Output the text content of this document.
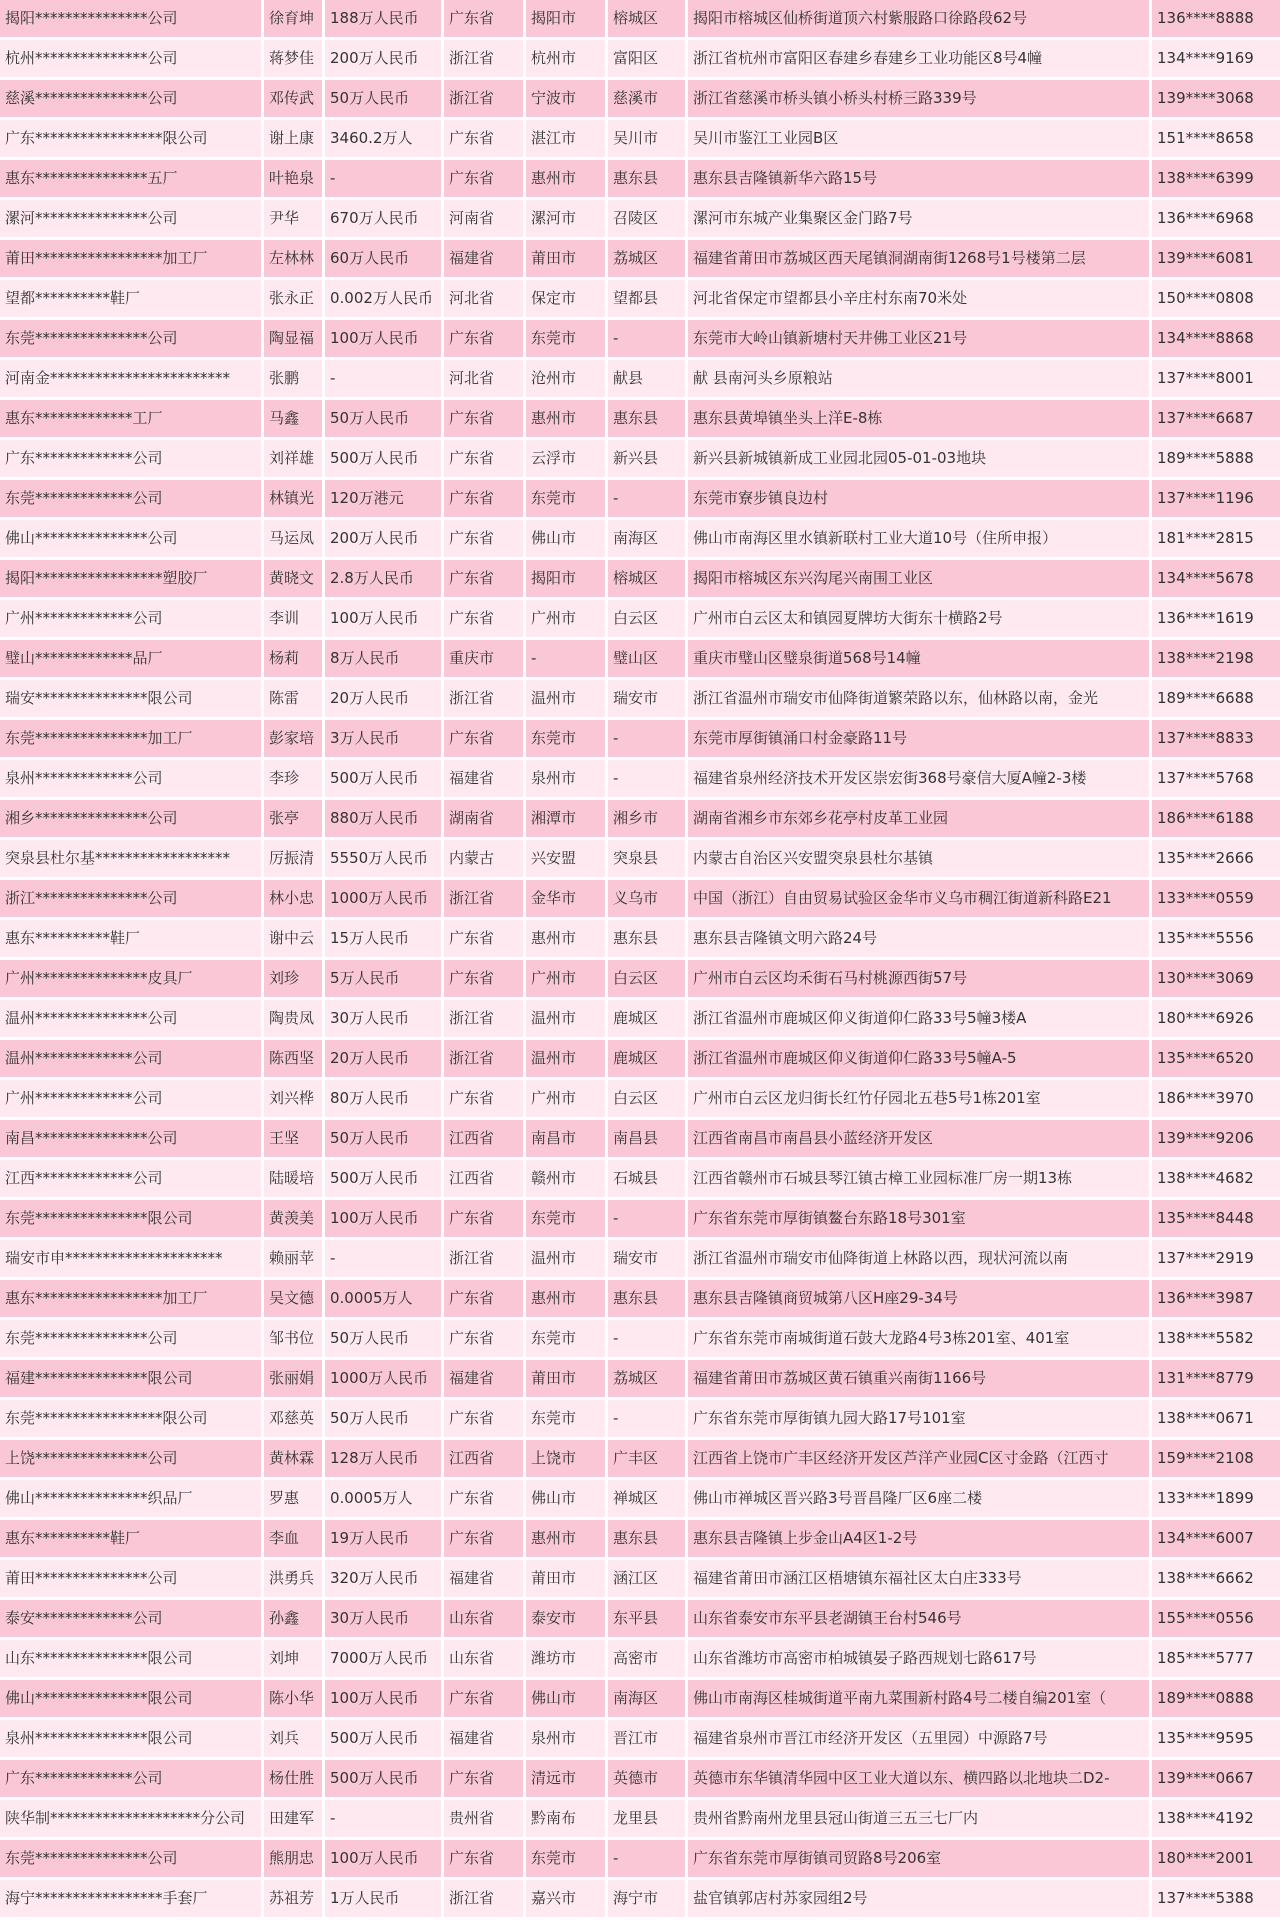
揭阳***************公司	徐育坤	188万人民币	广东省	揭阳市	榕城区	揭阳市榕城区仙桥街道顶六村紫服路口徐路段62号	136****8888
杭州***************公司	蒋梦佳	200万人民币	浙江省	杭州市	富阳区	浙江省杭州市富阳区春建乡春建乡工业功能区8号4幢	134****9169
慈溪***************公司	邓传武	50万人民币	浙江省	宁波市	慈溪市	浙江省慈溪市桥头镇小桥头村桥三路339号	139****3068
广东*****************限公司	谢上康	3460.2万人	广东省	湛江市	吴川市	吴川市鉴江工业园B区	151****8658
惠东***************五厂	叶艳泉	-	广东省	惠州市	惠东县	惠东县吉隆镇新华六路15号	138****6399
漯河***************公司	尹华	670万人民币	河南省	漯河市	召陵区	漯河市东城产业集聚区金门路7号	136****6968
莆田*****************加工厂	左林林	60万人民币	福建省	莆田市	荔城区	福建省莆田市荔城区西天尾镇洞湖南街1268号1号楼第二层	139****6081
望都**********鞋厂	张永正	0.002万人民币	河北省	保定市	望都县	河北省保定市望都县小辛庄村东南70米处	150****0808
东莞***************公司	陶显福	100万人民币	广东省	东莞市	-	东莞市大岭山镇新塘村天井佛工业区21号	134****8868
河南金************************	张鹏	-	河北省	沧州市	献县	献 县南河头乡原粮站	137****8001
惠东*************工厂	马鑫	50万人民币	广东省	惠州市	惠东县	惠东县黄埠镇坐头上洋E-8栋	137****6687
广东*************公司	刘祥雄	500万人民币	广东省	云浮市	新兴县	新兴县新城镇新成工业园北园05-01-03地块	189****5888
东莞*************公司	林镇光	120万港元	广东省	东莞市	-	东莞市寮步镇良边村	137****1196
佛山***************公司	马运凤	200万人民币	广东省	佛山市	南海区	佛山市南海区里水镇新联村工业大道10号（住所申报）	181****2815
揭阳*****************塑胶厂	黄晓文	2.8万人民币	广东省	揭阳市	榕城区	揭阳市榕城区东兴沟尾兴南围工业区	134****5678
广州*************公司	李训	100万人民币	广东省	广州市	白云区	广州市白云区太和镇园夏牌坊大街东十横路2号	136****1619
璧山*************品厂	杨莉	8万人民币	重庆市	-	璧山区	重庆市璧山区璧泉街道568号14幢	138****2198
瑞安***************限公司	陈雷	20万人民币	浙江省	温州市	瑞安市	浙江省温州市瑞安市仙降街道繁荣路以东，仙林路以南，金光	189****6688
东莞***************加工厂	彭家培	3万人民币	广东省	东莞市	-	东莞市厚街镇涌口村金豪路11号	137****8833
泉州*************公司	李珍	500万人民币	福建省	泉州市	-	福建省泉州经济技术开发区崇宏街368号豪信大厦A幢2-3楼	137****5768
湘乡***************公司	张亭	880万人民币	湖南省	湘潭市	湘乡市	湖南省湘乡市东郊乡花亭村皮革工业园	186****6188
突泉县杜尔基******************	厉振清	5550万人民币	内蒙古	兴安盟	突泉县	内蒙古自治区兴安盟突泉县杜尔基镇	135****2666
浙江***************公司	林小忠	1000万人民币	浙江省	金华市	义乌市	中国（浙江）自由贸易试验区金华市义乌市稠江街道新科路E21	133****0559
惠东**********鞋厂	谢中云	15万人民币	广东省	惠州市	惠东县	惠东县吉隆镇文明六路24号	135****5556
广州***************皮具厂	刘珍	5万人民币	广东省	广州市	白云区	广州市白云区均禾街石马村桃源西街57号	130****3069
温州***************公司	陶贵凤	30万人民币	浙江省	温州市	鹿城区	浙江省温州市鹿城区仰义街道仰仁路33号5幢3楼A	180****6926
温州*************公司	陈西坚	20万人民币	浙江省	温州市	鹿城区	浙江省温州市鹿城区仰义街道仰仁路33号5幢A-5	135****6520
广州*************公司	刘兴桦	80万人民币	广东省	广州市	白云区	广州市白云区龙归街长红竹仔园北五巷5号1栋201室	186****3970
南昌***************公司	王坚	50万人民币	江西省	南昌市	南昌县	江西省南昌市南昌县小蓝经济开发区	139****9206
江西*************公司	陆暖培	500万人民币	江西省	赣州市	石城县	江西省赣州市石城县琴江镇古樟工业园标准厂房一期13栋	138****4682
东莞***************限公司	黄羡美	100万人民币	广东省	东莞市	-	广东省东莞市厚街镇鳌台东路18号301室	135****8448
瑞安市申*********************	赖丽苹	-	浙江省	温州市	瑞安市	浙江省温州市瑞安市仙降街道上林路以西，现状河流以南	137****2919
惠东*****************加工厂	吴文德	0.0005万人	广东省	惠州市	惠东县	惠东县吉隆镇商贸城第八区H座29-34号	136****3987
东莞***************公司	邹书位	50万人民币	广东省	东莞市	-	广东省东莞市南城街道石鼓大龙路4号3栋201室、401室	138****5582
福建***************限公司	张丽娟	1000万人民币	福建省	莆田市	荔城区	福建省莆田市荔城区黄石镇重兴南街1166号	131****8779
东莞*****************限公司	邓慈英	50万人民币	广东省	东莞市	-	广东省东莞市厚街镇九园大路17号101室	138****0671
上饶***************公司	黄林霖	128万人民币	江西省	上饶市	广丰区	江西省上饶市广丰区经济开发区芦洋产业园C区寸金路（江西寸	159****2108
佛山***************织品厂	罗惠	0.0005万人	广东省	佛山市	禅城区	佛山市禅城区晋兴路3号晋昌隆厂区6座二楼	133****1899
惠东**********鞋厂	李血	19万人民币	广东省	惠州市	惠东县	惠东县吉隆镇上步金山A4区1-2号	134****6007
莆田***************公司	洪勇兵	320万人民币	福建省	莆田市	涵江区	福建省莆田市涵江区梧塘镇东福社区太白庄333号	138****6662
泰安*************公司	孙鑫	30万人民币	山东省	泰安市	东平县	山东省泰安市东平县老湖镇王台村546号	155****0556
山东***************限公司	刘坤	7000万人民币	山东省	潍坊市	高密市	山东省潍坊市高密市柏城镇晏子路西规划七路617号	185****5777
佛山***************限公司	陈小华	100万人民币	广东省	佛山市	南海区	佛山市南海区桂城街道平南九菜围新村路4号二楼自编201室（	189****0888
泉州***************限公司	刘兵	500万人民币	福建省	泉州市	晋江市	福建省泉州市晋江市经济开发区（五里园）中源路7号	135****9595
广东*************公司	杨仕胜	500万人民币	广东省	清远市	英德市	英德市东华镇清华园中区工业大道以东、横四路以北地块二D2-	139****0667
陕华制********************分公司	田建军	-	贵州省	黔南布	龙里县	贵州省黔南州龙里县冠山街道三五三七厂内	138****4192
东莞***************公司	熊朋忠	100万人民币	广东省	东莞市	-	广东省东莞市厚街镇司贸路8号206室	180****2001
海宁*****************手套厂	苏祖芳	1万人民币	浙江省	嘉兴市	海宁市	盐官镇郭店村苏家园组2号	137****5388
